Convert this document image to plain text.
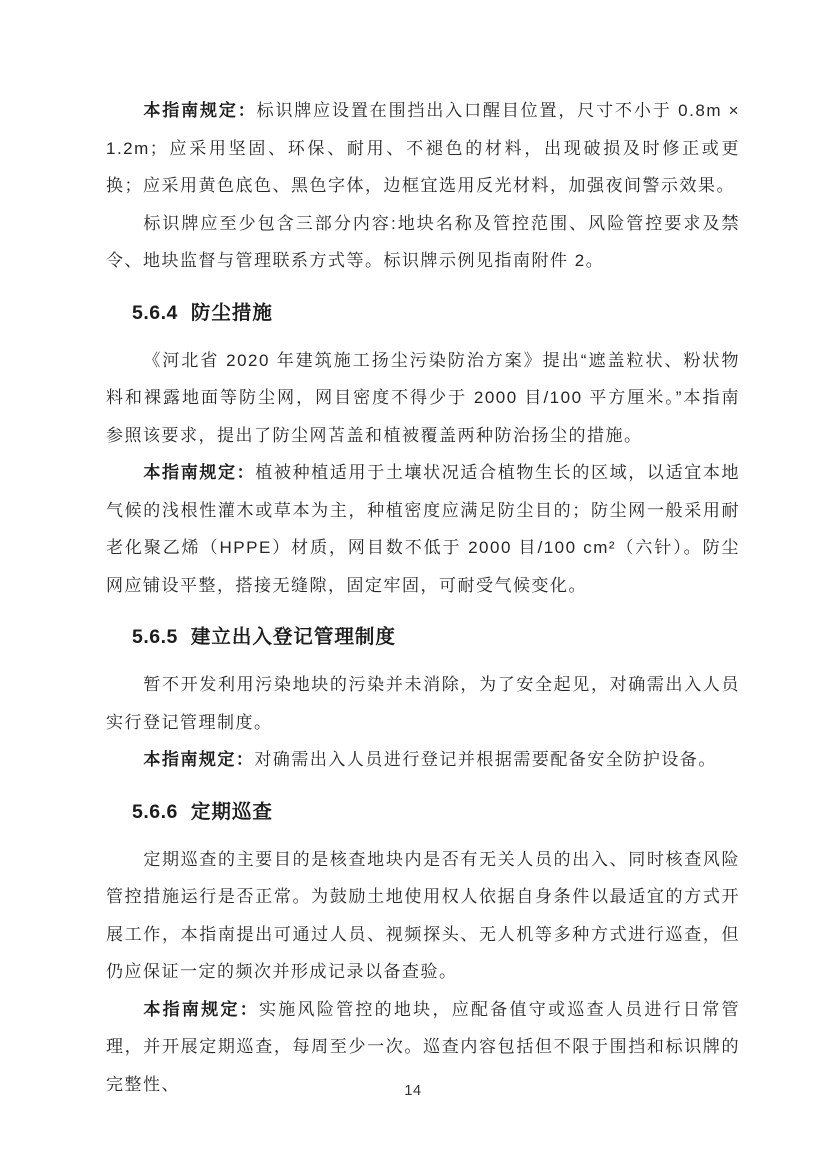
本指南规定：标识牌应设置在围挡出入口醒目位置，尺寸不小于 0.8m × 1.2m；应采用坚固、环保、耐用、不褪色的材料，出现破损及时修正或更换；应采用黄色底色、黑色字体，边框宜选用反光材料，加强夜间警示效果。

标识牌应至少包含三部分内容:地块名称及管控范围、风险管控要求及禁令、地块监督与管理联系方式等。标识牌示例见指南附件 2。

5.6.4 防尘措施

《河北省 2020 年建筑施工扬尘污染防治方案》提出“遮盖粒状、粉状物料和裸露地面等防尘网，网目密度不得少于 2000 目/100 平方厘米。”本指南参照该要求，提出了防尘网苫盖和植被覆盖两种防治扬尘的措施。

本指南规定：植被种植适用于土壤状况适合植物生长的区域，以适宜本地气候的浅根性灌木或草本为主，种植密度应满足防尘目的；防尘网一般采用耐老化聚乙烯（HPPE）材质，网目数不低于 2000 目/100 cm²（六针）。防尘网应铺设平整，搭接无缝隙，固定牢固，可耐受气候变化。

5.6.5 建立出入登记管理制度

暂不开发利用污染地块的污染并未消除，为了安全起见，对确需出入人员实行登记管理制度。

本指南规定：对确需出入人员进行登记并根据需要配备安全防护设备。

5.6.6 定期巡查

定期巡查的主要目的是核查地块内是否有无关人员的出入、同时核查风险管控措施运行是否正常。为鼓励土地使用权人依据自身条件以最适宜的方式开展工作，本指南提出可通过人员、视频探头、无人机等多种方式进行巡查，但仍应保证一定的频次并形成记录以备查验。

本指南规定：实施风险管控的地块，应配备值守或巡查人员进行日常管理，并开展定期巡查，每周至少一次。巡查内容包括但不限于围挡和标识牌的完整性、	14
